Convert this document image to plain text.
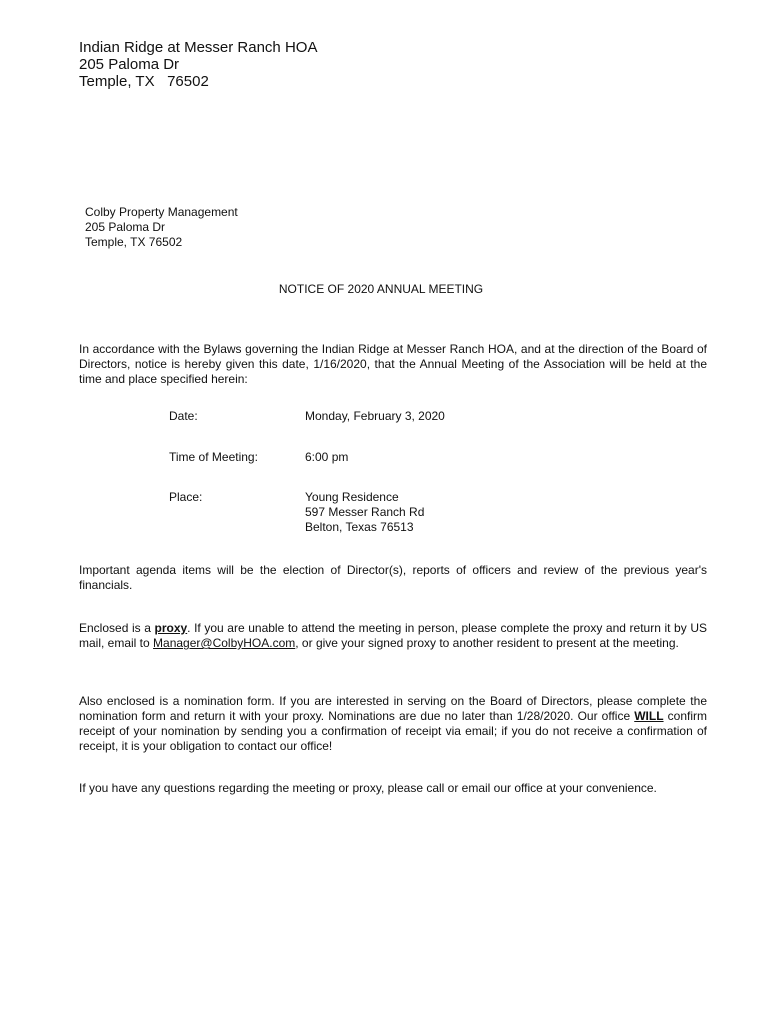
Indian Ridge at Messer Ranch HOA
205 Paloma Dr
Temple, TX   76502
Colby Property Management
205 Paloma Dr
Temple, TX 76502
NOTICE OF 2020 ANNUAL MEETING
In accordance with the Bylaws governing the Indian Ridge at Messer Ranch HOA, and at the direction of the Board of Directors, notice is hereby given this date, 1/16/2020, that the Annual Meeting of the Association will be held at the time and place specified herein:
Date:	Monday, February 3, 2020
Time of Meeting:	6:00 pm
Place:	Young Residence
597 Messer Ranch Rd
Belton, Texas 76513
Important agenda items will be the election of Director(s), reports of officers and review of the previous year's financials.
Enclosed is a proxy. If you are unable to attend the meeting in person, please complete the proxy and return it by US mail, email to Manager@ColbyHOA.com, or give your signed proxy to another resident to present at the meeting.
Also enclosed is a nomination form. If you are interested in serving on the Board of Directors, please complete the nomination form and return it with your proxy. Nominations are due no later than 1/28/2020. Our office WILL confirm receipt of your nomination by sending you a confirmation of receipt via email; if you do not receive a confirmation of receipt, it is your obligation to contact our office!
If you have any questions regarding the meeting or proxy, please call or email our office at your convenience.
